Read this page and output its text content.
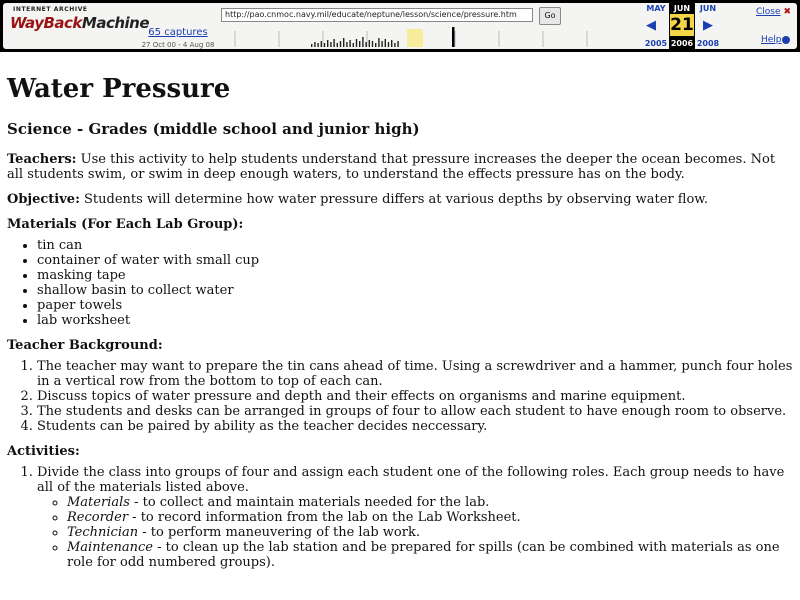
INTERNET ARCHIVE
WayBackMachine	http://pao.cnmoc.navy.mil/educate/neptune/lesson/science/pressure.htm	Go
65 captures
27 Oct 00 - 4 Aug 08
MAY
◀
2005
JUN
21
2006
JUN
▶
2008
Close ✖
Help
Water Pressure
Science - Grades (middle school and junior high)

Teachers: Use this activity to help students understand that pressure increases the deeper the ocean becomes. Not all students swim, or swim in deep enough waters, to understand the effects pressure has on the body.

Objective: Students will determine how water pressure differs at various depths by observing water flow.

Materials (For Each Lab Group):
• tin can
• container of water with small cup
• masking tape
• shallow basin to collect water
• paper towels
• lab worksheet
Teacher Background:
1. The teacher may want to prepare the tin cans ahead of time. Using a screwdriver and a hammer, punch four holes in a vertical row from the bottom to top of each can.
2. Discuss topics of water pressure and depth and their effects on organisms and marine equipment.
3. The students and desks can be arranged in groups of four to allow each student to have enough room to observe.
4. Students can be paired by ability as the teacher decides neccessary.
Activities:
1. Divide the class into groups of four and assign each student one of the following roles. Each group needs to have all of the materials listed above.
◦ Materials - to collect and maintain materials needed for the lab.
◦ Recorder - to record information from the lab on the Lab Worksheet.
◦ Technician - to perform maneuvering of the lab work.
◦ Maintenance - to clean up the lab station and be prepared for spills (can be combined with materials as one role for odd numbered groups).
